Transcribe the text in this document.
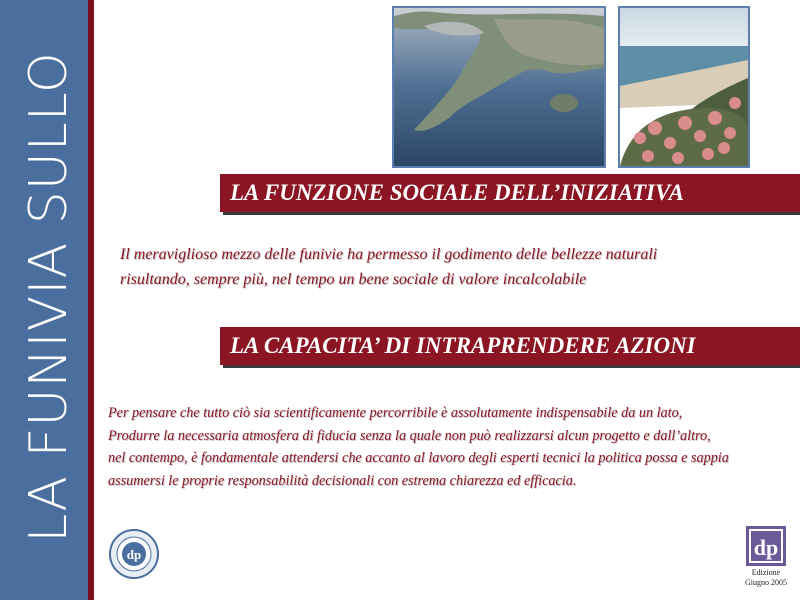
LA FUNIVIA SULLO	LA FUNZIONE SOCIALE DELL’INIZIATIVA
Il meraviglioso mezzo delle funivie ha permesso il godimento delle bellezze naturali
risultando, sempre più, nel tempo un bene sociale di valore incalcolabile
LA CAPACITA’ DI INTRAPRENDERE AZIONI
Per pensare che tutto ciò sia scientificamente percorribile è assolutamente indispensabile da un lato,
Produrre la necessaria atmosfera di fiducia senza la quale non può realizzarsi alcun progetto e dall’altro,
nel contempo, è fondamentale attendersi che accanto al lavoro degli esperti tecnici la politica possa e sappia
assumersi le proprie responsabilità decisionali con estrema chiarezza ed efficacia.
dp	dp
Edizione
Giugno 2005
